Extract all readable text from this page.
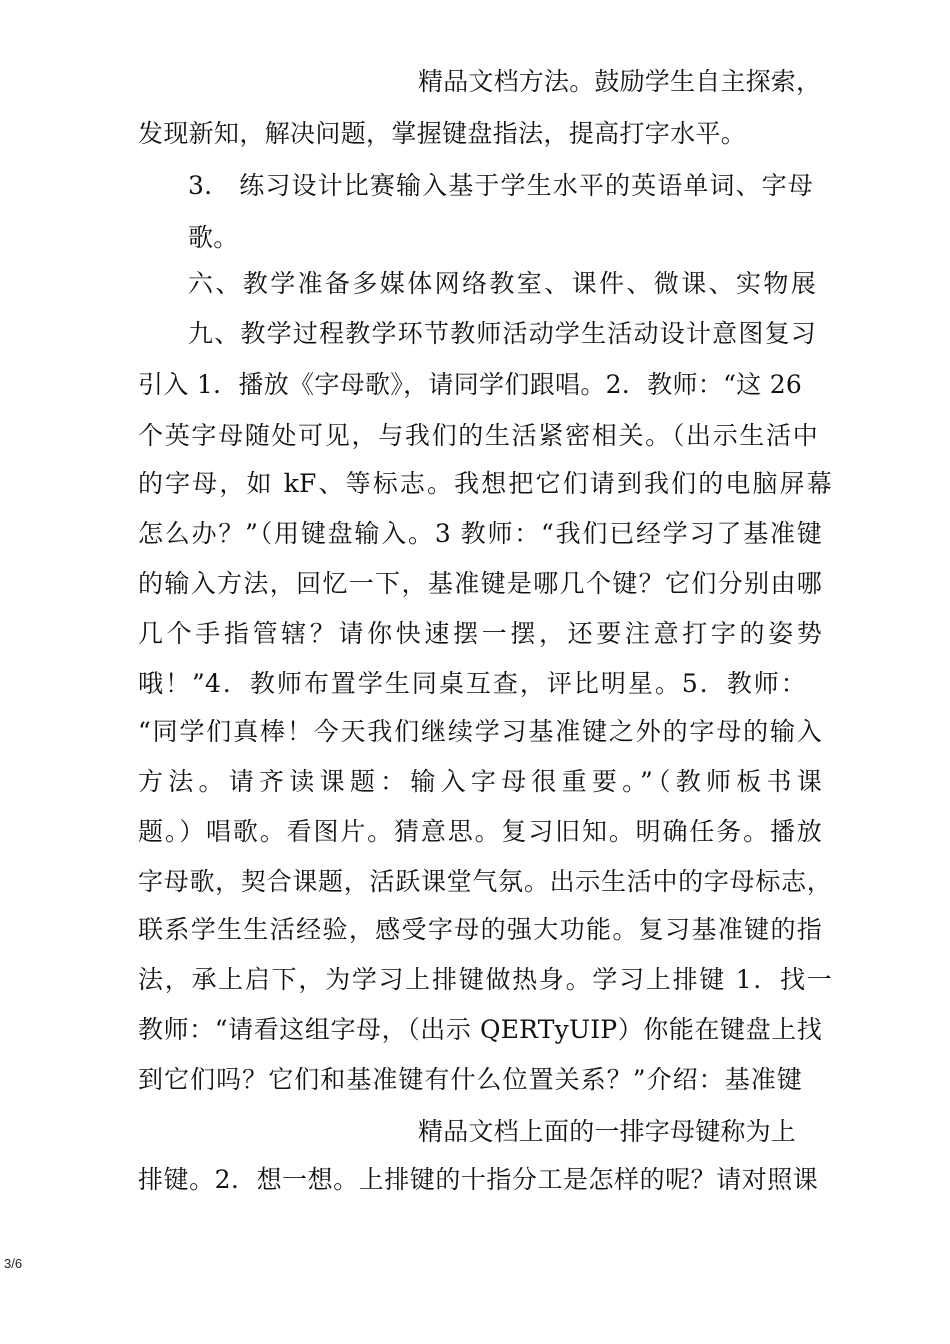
精品文档方法。鼓励学生自主探索，
发现新知，解决问题，掌握键盘指法，提高打字水平。
3.　练习设计比赛输入基于学生水平的英语单词、字母
歌。
六、教学准备多媒体网络教室、课件、微课、实物展
九、教学过程教学环节教师活动学生活动设计意图复习
引入 1．播放《字母歌》，请同学们跟唱。2．教师：“这 26
个英字母随处可见，与我们的生活紧密相关。（出示生活中
的字母，如 kF、等标志。我想把它们请到我们的电脑屏幕
怎么办？”（用键盘输入。3 教师：“我们已经学习了基准键
的输入方法，回忆一下，基准键是哪几个键？它们分别由哪
几个手指管辖？请你快速摆一摆，还要注意打字的姿势
哦！”4．教师布置学生同桌互查，评比明星。5．教师：
“同学们真棒！今天我们继续学习基准键之外的字母的输入
方法。请齐读课题：输入字母很重要。”（教师板书课
题。）唱歌。看图片。猜意思。复习旧知。明确任务。播放
字母歌，契合课题，活跃课堂气氛。出示生活中的字母标志，
联系学生生活经验，感受字母的强大功能。复习基准键的指
法，承上启下，为学习上排键做热身。学习上排键 1．找一
教师：“请看这组字母，（出示 QERTyUIP）你能在键盘上找
到它们吗？它们和基准键有什么位置关系？”介绍：基准键
精品文档上面的一排字母键称为上
排键。2．想一想。上排键的十指分工是怎样的呢？请对照课
3/6
